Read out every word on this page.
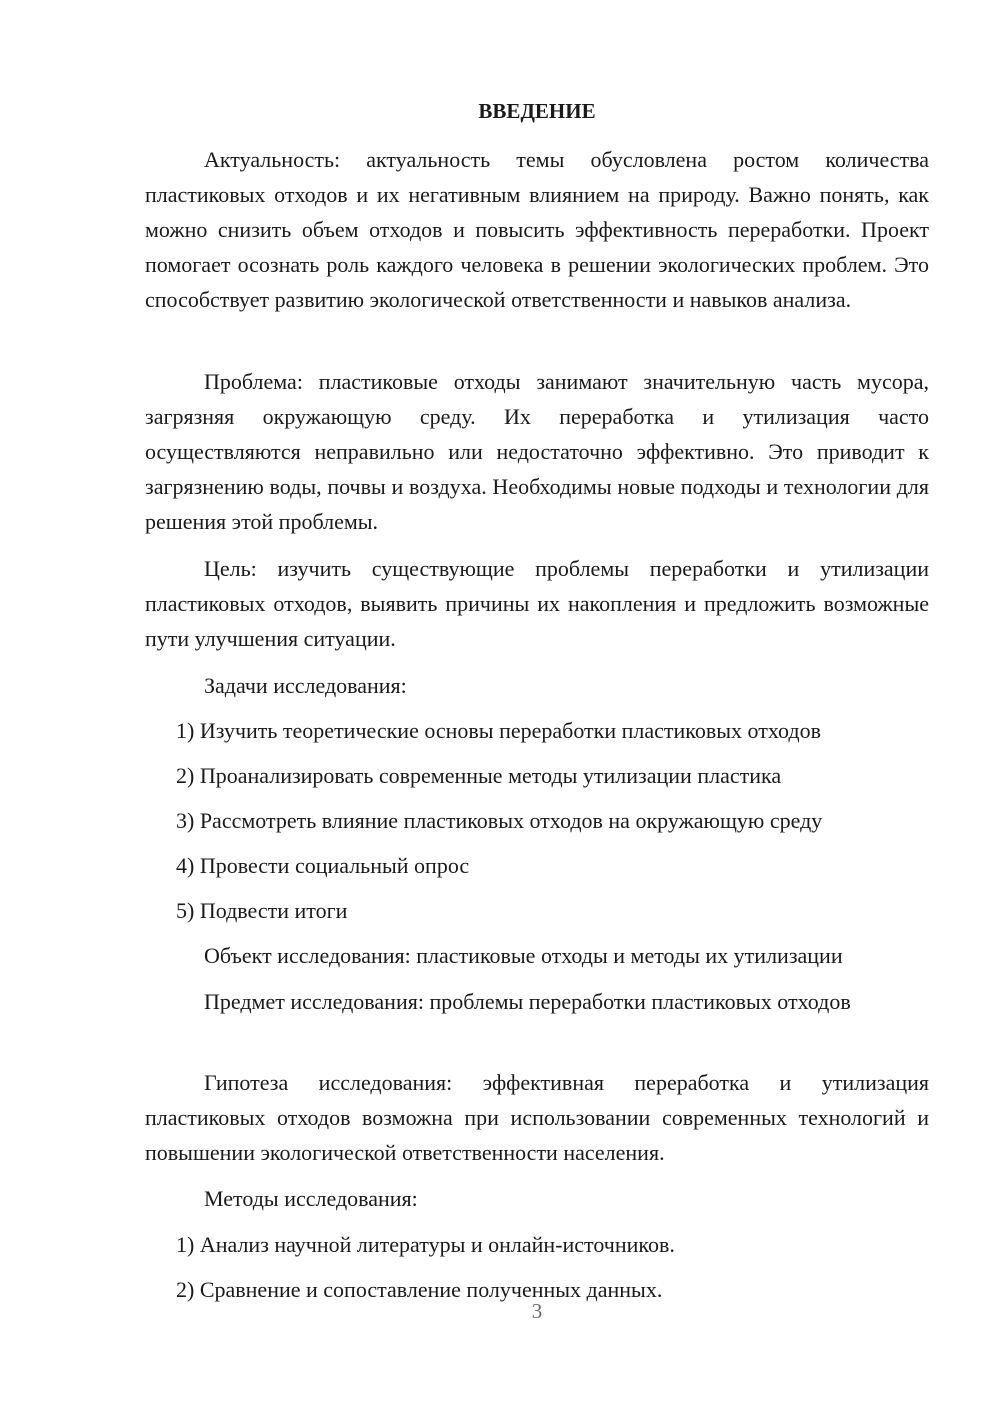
ВВЕДЕНИЕ

Актуальность: актуальность темы обусловлена ростом количества пластиковых отходов и их негативным влиянием на природу. Важно понять, как можно снизить объем отходов и повысить эффективность переработки. Проект помогает осознать роль каждого человека в решении экологических проблем. Это способствует развитию экологической ответственности и навыков анализа.

Проблема: пластиковые отходы занимают значительную часть мусора, загрязняя окружающую среду. Их переработка и утилизация часто осуществляются неправильно или недостаточно эффективно. Это приводит к загрязнению воды, почвы и воздуха. Необходимы новые подходы и технологии для решения этой проблемы.

Цель: изучить существующие проблемы переработки и утилизации пластиковых отходов, выявить причины их накопления и предложить возможные пути улучшения ситуации.

Задачи исследования:

1) Изучить теоретические основы переработки пластиковых отходов

2) Проанализировать современные методы утилизации пластика

3) Рассмотреть влияние пластиковых отходов на окружающую среду

4) Провести социальный опрос

5) Подвести итоги

Объект исследования: пластиковые отходы и методы их утилизации

Предмет исследования: проблемы переработки пластиковых отходов

Гипотеза исследования: эффективная переработка и утилизация пластиковых отходов возможна при использовании современных технологий и повышении экологической ответственности населения.

Методы исследования:

1) Анализ научной литературы и онлайн-источников.

2) Сравнение и сопоставление полученных данных.

3
